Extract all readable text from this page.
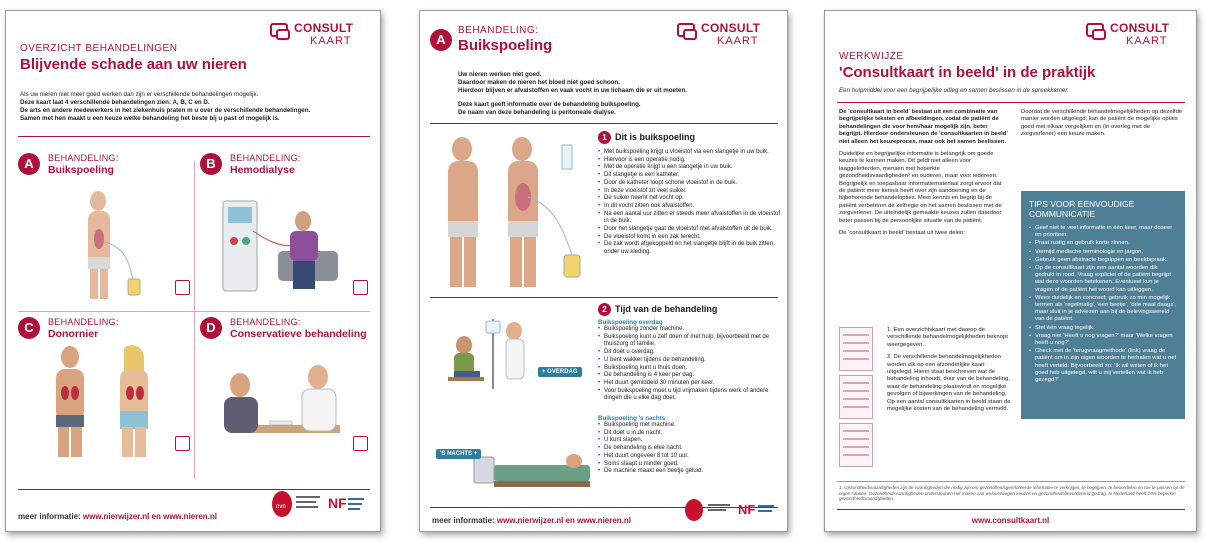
CONSULT
KAART
OVERZICHT BEHANDELINGEN
Blijvende schade aan uw nieren
Als uw nieren niet meer goed werken dan zijn er verschillende behandelingen mogelijk.
Deze kaart laat 4 verschillende behandelingen zien: A, B, C en D.
De arts en andere medewerkers in het ziekenhuis praten m u over de verschillende behandelingen.
Samen met hen maakt u een keuze welke behandeling het beste bij u past of mogelijk is.
A	BEHANDELING:
Buikspoeling	B	BEHANDELING:
Hemodialyse
C	BEHANDELING:
Donornier	D	BEHANDELING:
Conservatieve behandeling
meer informatie: www.nierwijzer.nl en www.nieren.nl
nvn	NF
CONSULT
KAART
A
BEHANDELING:
Buikspoeling
Uw nieren werken niet goed.
Daardoor maken de nieren het bloed niet goed schoon.
Hierdoor blijven er afvalstoffen en vaak vocht in uw lichaam die er uit moeten.
Deze kaart geeft informatie over de behandeling buikspoeling.
De naam van deze behandeling is peritoneale dialyse.
1 Dit is buikspoeling
• Met buikspoeling krijgt u vloeistof via een slangetje in uw buik.
• Hiervoor is een operatie nodig.
• Met de operatie krijgt u een slangetje in uw buik.
• Dit slangetje is een katheter.
• Door de katheter loopt schone vloeistof in de buik.
• In deze vloeistof zit veel suiker.
• De suiker neemt het vocht op.
• In dit vocht zitten ook afvalstoffen.
• Na een aantal uur zitten er steeds meer afvalstoffen in de vloeistof in de buik.
• Door het slangetje gaat de vloeistof met afvalstoffen uit de buik.
• De vloeistof komt in een zak terecht.
• De zak wordt afgekoppeld en het slangetje blijft in de buik zitten, onder uw kleding.
2 Tijd van de behandeling
+ OVERDAG
Buikspoeling overdag
• Buikspoeling zonder machine.
• Buikspoeling kunt u zelf doen of met hulp, bijvoorbeeld met de thuiszorg of familie.
• Dit doet u overdag.
• U bent wakker tijdens de behandeling.
• Buikspoeling kunt u thuis doen.
• De behandeling is 4 keer per dag.
• Het duurt gemiddeld 30 minuten per keer.
• Voor buikspoeling moet u tijd vrijmaken tijdens werk of andere dingen die u elke dag doet.
'S NACHTS +
Buikspoeling 's nachts
• Buikspoeling met machine.
• Dit doet u in de nacht.
• U kunt slapen.
• De behandeling is elke nacht.
• Het duurt ongeveer 8 tot 10 uur.
• Soms slaapt u minder goed.
• De machine maakt een beetje geluid.
meer informatie: www.nierwijzer.nl en www.nieren.nl
NF
CONSULT
KAART
WERKWIJZE
'Consultkaart in beeld' in de praktijk
Een hulpmiddel voor een begrijpelijke uitleg en samen beslissen in de spreekkamer.

De 'consultkaart in beeld' bestaat uit een combinatie van begrijpelijke teksten en afbeeldingen, zodat de patiënt de behandelingen die voor hem/haar mogelijk zijn, beter begrijpt. Hierdoor ondersteunen de 'consultkaarten in beeld' niet alleen het keuzeproces, maar ook het samen beslissen.

Duidelijke en begrijpelijke informatie is belangrijk om goede keuzes te kunnen maken. Dit geldt niet alleen voor laaggeletterden, mensen met beperkte gezondheidsvaardigheden¹ en ouderen, maar voor iedereen. Begrijpelijk en toepasbaar informatiemateriaal zorgt ervoor dat de patiënt meer kennis heeft over zijn aandoening en de bijbehorende behandelopties. Meer kennis en begrip bij de patiënt verbeteren de zelfregie en het samen beslissen met de zorgverlener. De uiteindelijk gemaakte keuzes zullen daardoor beter passen bij de persoonlijke situatie van de patiënt.

De 'consultkaart in beeld' bestaat uit twee delen:

1. Een overzichtskaart met daarop de verschillende behandelmogelijkheden beknopt weergegeven.

2. De verschillende behandelmogelijkheden worden elk op een afzonderlijke kaart uitgelegd. Hierin staat beschreven wat de behandeling inhoudt, duur van de behandeling, waar de behandeling plaatsvindt en mogelijke gevolgen of bijwerkingen van de behandeling. Op een aantal consultkaarten in beeld staan de mogelijke kosten van de behandeling vermeld.

Doordat de verschillende behandelmogelijkheden op dezelfde manier worden uitgelegd, kan de patiënt de mogelijke opties goed met elkaar vergelijken en (in overleg met de zorgverlener) een keuze maken.

TIPS VOOR EENVOUDIGE COMMUNICATIE
• Geef niet te veel informatie in één keer, maar doseer en prioriteer.
• Praat rustig en gebruik korte zinnen.
• Vermijd medische terminologie en jargon.
• Gebruik geen abstracte begrippen en beeldspraak.
• Op de consultkaart zijn een aantal woorden dik gedrukt in rood. Vraag expliciet of de patiënt begrijpt wat deze woorden betekenen. Eventueel kun je vragen of de patiënt het woord kan uitleggen.
• Wees duidelijk en concreet; gebruik zo min mogelijk termen als 'regelmatig', 'een beetje', 'drie maal daags', maar sluit in je adviezen aan bij de belevingswereld van de patiënt.
• Stel één vraag tegelijk.
• Vraag niet 'Heeft u nog vragen?' maar 'Welke vragen heeft u nog?'
• Check met de 'terugvraagmethode' (link) vraag de patiënt om in zijn eigen woorden te herhalen wat u net heeft verteld. Bijvoorbeeld zo: 'Ik wil weten of ik het goed heb uitgelegd, wilt u mij vertellen wat ik heb gezegd?'
1. Gezondheidsvaardigheden zijn de vaardigheden die nodig zijn om gezondheidsgerelateerde informatie te verkrijgen, te begrijpen, te beoordelen en toe te passen op de eigen situatie. Gezondheidsvaardigheden ondersteunen het maken van weloverwogen keuzes en gezondheidsbevorderend gedrag. In Nederland heeft 29% beperkte gezondheidsvaardigheden.
www.consultkaart.nl
